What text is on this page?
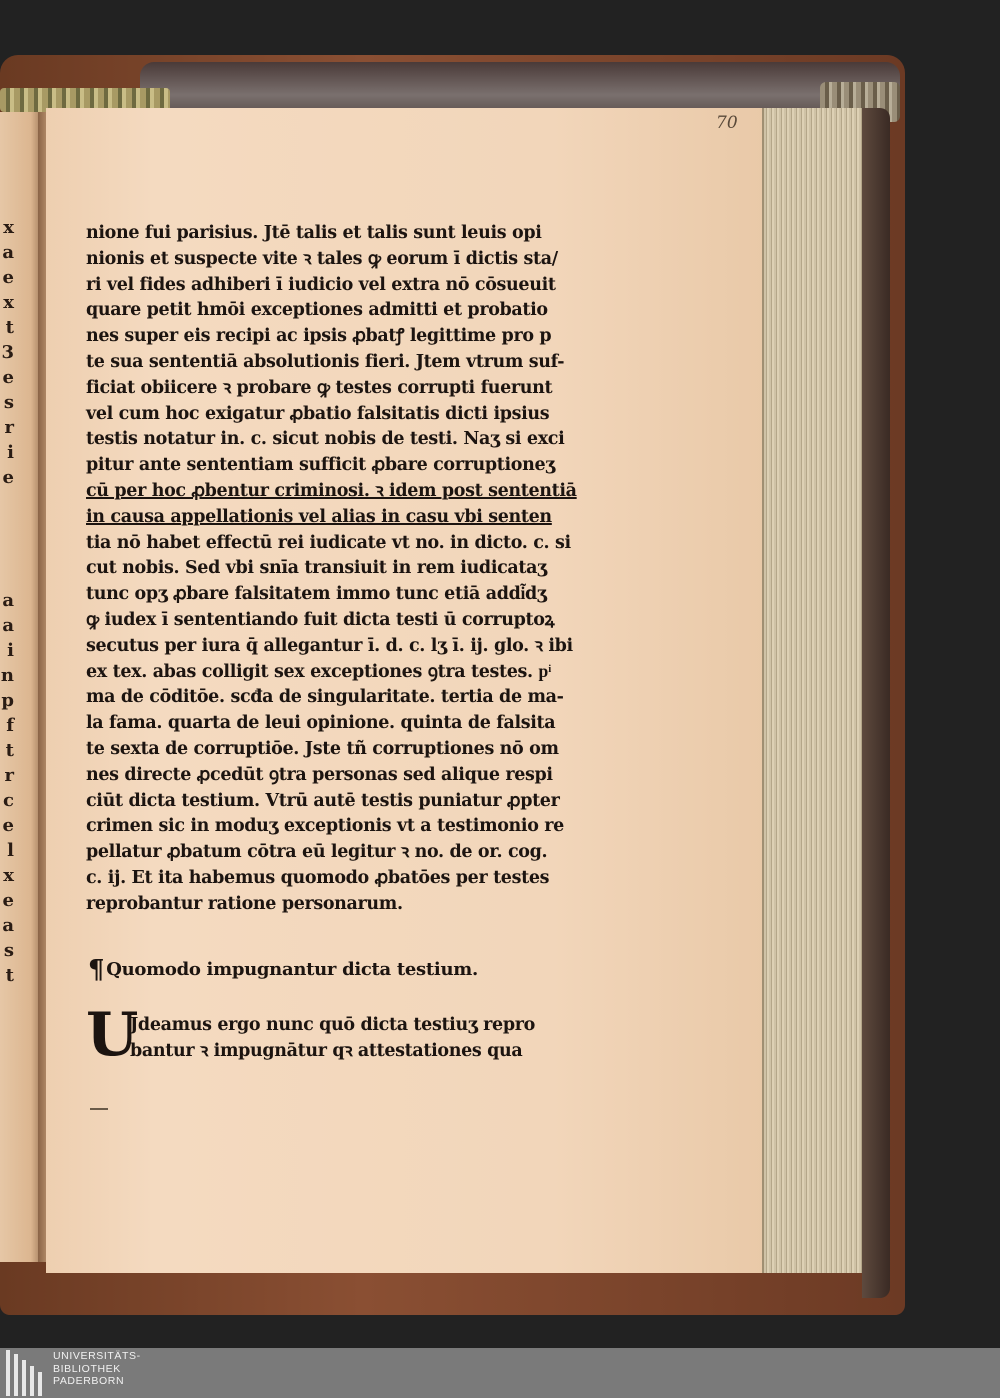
x
a
e
x
t
3
e
s
r
i
e
a
a
i
n
p
f
t
r
c
e
l
x
e
a
s
t
70
nione fui parisius. Jtē talis et talis sunt leuis opi
nionis et suspecte vite ꝛ tales ꝙ eorum ī dictis sta/
ri vel fides adhiberi ī iudicio vel extra nō cōsueuit
quare petit hmōi exceptiones admitti et probatio
nes super eis recipi ac ipsis ꝓbatꝭ legittime pro p
te sua sententiā absolutionis fieri. Jtem vtrum suf-
ficiat obiicere ꝛ probare ꝙ testes corrupti fuerunt
vel cum hoc exigatur ꝓbatio falsitatis dicti ipsius
testis notatur in. c. sicut nobis de testi. Naʒ si exci
pitur ante sententiam sufficit ꝓbare corruptioneʒ
cū per hoc ꝓbentur criminosi. ꝛ idem post sententiā
in causa appellationis vel alias in casu vbi senten
tia nō habet effectū rei iudicate vt no. in dicto. c. si
cut nobis. Sed vbi snīa transiuit in rem iudicataʒ
tunc opʒ ꝓbare falsitatem immo tunc etiā addi͂dʒ
ꝙ iudex ī sententiando fuit dicta testi ū corruptoꝝ
secutus per iura q̄ allegantur ī. d. c. lʒ ī. ij. glo. ꝛ ibi
ex tex. abas colligit sex exceptiones ꝯtra testes. pͥ
ma de cōditōe. scđa de singularitate. tertia de ma-
la fama. quarta de leui opinione. quinta de falsita
te sexta de corruptiōe. Jste tñ corruptiones nō om
nes directe ꝓcedūt ꝯtra personas sed alique respi
ciūt dicta testium. Vtrū autē testis puniatur ꝓpter
crimen sic in moduʒ exceptionis vt a testimonio re
pellatur ꝓbatum cōtra eū legitur ꝛ no. de or. cog.
c. ij. Et ita habemus quomodo ꝓbatōes per testes
reprobantur ratione personarum.
¶ Quomodo impugnantur dicta testium.
U
Jdeamus ergo nunc quō dicta testiuʒ repro
bantur ꝛ impugnātur qꝛ attestationes qua
UNIVERSITÄTS-
BIBLIOTHEK
PADERBORN
